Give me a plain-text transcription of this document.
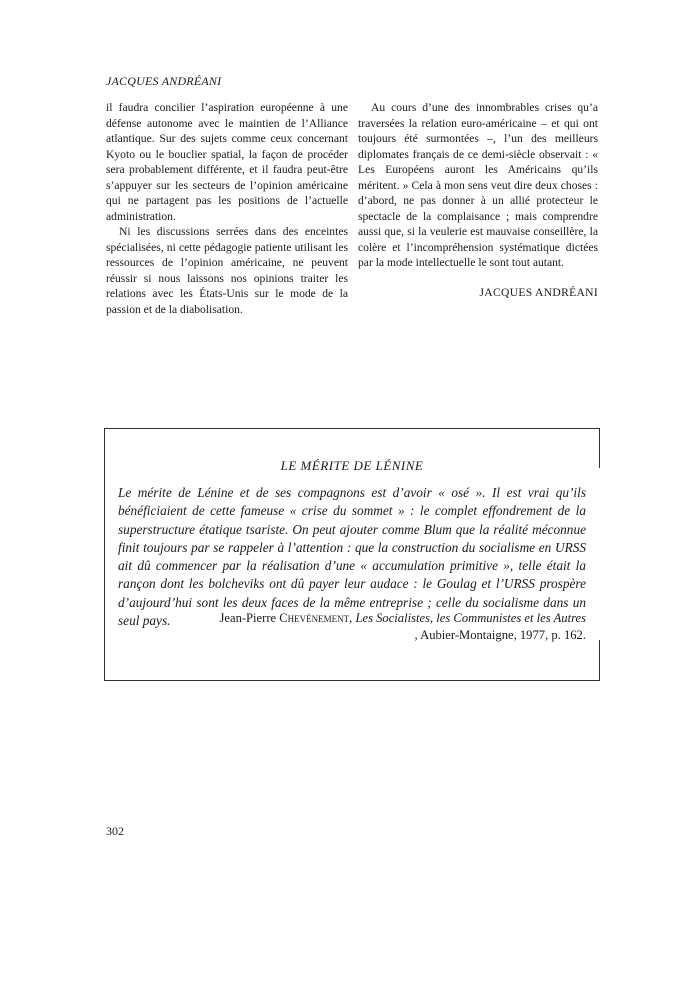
JACQUES ANDRÉANI

il faudra concilier l’aspiration européenne à une défense autonome avec le maintien de l’Alliance atlantique. Sur des sujets comme ceux concernant Kyoto ou le bouclier spatial, la façon de procéder sera probablement différente, et il faudra peut-être s’appuyer sur les secteurs de l’opinion américaine qui ne partagent pas les positions de l’actuelle administration.

Ni les discussions serrées dans des enceintes spécialisées, ni cette pédagogie patiente utilisant les ressources de l’opinion américaine, ne peuvent réussir si nous laissons nos opinions traiter les relations avec les États-Unis sur le mode de la passion et de la diabolisation.

Au cours d’une des innombrables crises qu’a traversées la relation euro-américaine – et qui ont toujours été surmontées –, l’un des meilleurs diplomates français de ce demi-siècle observait : « Les Européens auront les Américains qu’ils méritent. » Cela à mon sens veut dire deux choses : d’abord, ne pas donner à un allié protecteur le spectacle de la complaisance ; mais comprendre aussi que, si la veulerie est mauvaise conseillère, la colère et l’incompréhension systématique dictées par la mode intellectuelle le sont tout autant.

JACQUES ANDRÉANI
LE MÉRITE DE LÉNINE

Le mérite de Lénine et de ses compagnons est d’avoir « osé ». Il est vrai qu’ils bénéficiaient de cette fameuse « crise du sommet » : le complet effondrement de la superstructure étatique tsariste. On peut ajouter comme Blum que la réalité méconnue finit toujours par se rappeler à l’attention : que la construction du socialisme en URSS ait dû commencer par la réalisation d’une « accumulation primitive », telle était la rançon dont les bolcheviks ont dû payer leur audace : le Goulag et l’URSS prospère d’aujourd’hui sont les deux faces de la même entreprise ; celle du socialisme dans un seul pays.	Jean-Pierre Chevènement, Les Socialistes, les Communistes et les Autres
, Aubier-Montaigne, 1977, p. 162.
302
